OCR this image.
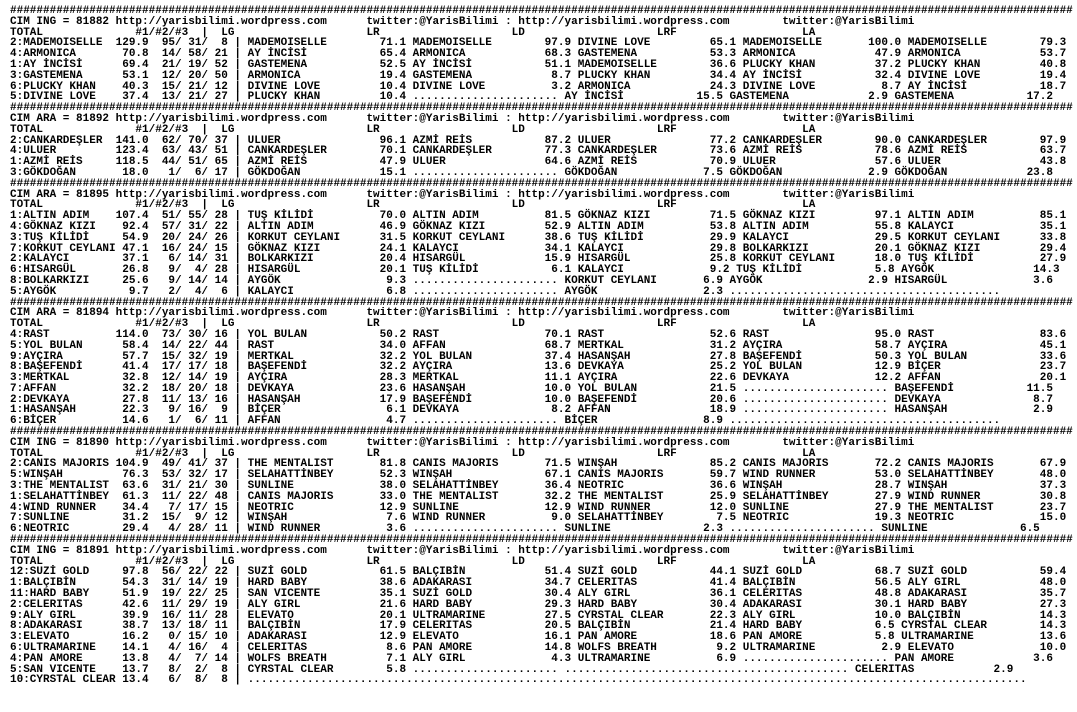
#################################################################################################################################################################
CIM ING = 81882 http://yarisbilimi.wordpress.com      twitter:@YarisBilimi : http://yarisbilimi.wordpress.com        twitter:@YarisBilimi
TOTAL              #1/#2/#3  |  LG                    LR                    LD                    LRF                   LA
2:MADEMOISELLE  129.9  95/ 31/  8 | MADEMOISELLE        71.1 MADEMOISELLE        97.9 DIVINE LOVE         65.1 MADEMOISELLE       100.0 MADEMOISELLE        79.3
4:ARMONICA       70.8  14/ 58/ 21 | AY İNCİSİ           65.4 ARMONICA            68.3 GASTEMENA           53.3 ARMONICA            47.9 ARMONICA            53.7
1:AY İNCİSİ      69.4  21/ 19/ 52 | GASTEMENA           52.5 AY İNCİSİ           51.1 MADEMOISELLE        36.6 PLUCKY KHAN         37.2 PLUCKY KHAN         40.8
3:GASTEMENA      53.1  12/ 20/ 50 | ARMONICA            19.4 GASTEMENA            8.7 PLUCKY KHAN         34.4 AY İNCİSİ           32.4 DIVINE LOVE         19.4
6:PLUCKY KHAN    40.3  15/ 21/ 12 | DIVINE LOVE         10.4 DIVINE LOVE          3.2 ARMONICA            24.3 DIVINE LOVE          8.7 AY İNCİSİ           18.7
5:DIVINE LOVE    37.4  13/ 21/ 27 | PLUCKY KHAN         10.4 ...................... AY İNCİSİ           15.5 GASTEMENA            2.9 GASTEMENA           17.2
#################################################################################################################################################################
CIM ARA = 81892 http://yarisbilimi.wordpress.com      twitter:@YarisBilimi : http://yarisbilimi.wordpress.com        twitter:@YarisBilimi
TOTAL              #1/#2/#3  |  LG                    LR                    LD                    LRF                   LA
2:CANKARDEŞLER  141.0  62/ 70/ 37 | ULUER               96.1 AZMİ REİS           87.2 ULUER               77.2 CANKARDEŞLER        90.0 CANKARDEŞLER        97.9
4:ULUER         123.4  63/ 43/ 51 | CANKARDEŞLER        70.1 CANKARDEŞLER        77.3 CANKARDEŞLER        73.6 AZMİ REİS           78.6 AZMİ REİS           63.7
1:AZMİ REİS     118.5  44/ 51/ 65 | AZMİ REİS           47.9 ULUER               64.6 AZMİ REİS           70.9 ULUER               57.6 ULUER               43.8
3:GÖKDOĞAN       18.0   1/  6/ 17 | GÖKDOĞAN            15.1 ...................... GÖKDOĞAN             7.5 GÖKDOĞAN             2.9 GÖKDOĞAN            23.8
#################################################################################################################################################################
CIM ARA = 81895 http://yarisbilimi.wordpress.com      twitter:@YarisBilimi : http://yarisbilimi.wordpress.com        twitter:@YarisBilimi
TOTAL              #1/#2/#3  |  LG                    LR                    LD                    LRF                   LA
1:ALTIN ADIM    107.4  51/ 55/ 28 | TUŞ KİLİDİ          70.0 ALTIN ADIM          81.5 GÖKNAZ KIZI         71.5 GÖKNAZ KIZI         97.1 ALTIN ADIM          85.1
4:GÖKNAZ KIZI    92.4  57/ 31/ 22 | ALTIN ADIM          46.9 GÖKNAZ KIZI         52.9 ALTIN ADIM          53.8 ALTIN ADIM          55.8 KALAYCI             35.1
3:TUŞ KİLİDİ     54.9  20/ 24/ 26 | KORKUT CEYLANI      31.5 KORKUT CEYLANI      38.6 TUŞ KİLİDİ          29.9 KALAYCI             29.5 KORKUT CEYLANI      33.8
7:KORKUT CEYLANI 47.1  16/ 24/ 15 | GÖKNAZ KIZI         24.1 KALAYCI             34.1 KALAYCI             29.8 BOLKARKIZI          20.1 GÖKNAZ KIZI         29.4
2:KALAYCI        37.1   6/ 14/ 31 | BOLKARKIZI          20.4 HISARGÜL            15.9 HISARGÜL            25.8 KORKUT CEYLANI      18.0 TUŞ KİLİDİ          27.9
6:HISARGÜL       26.8   9/  4/ 28 | HISARGÜL            20.1 TUŞ KİLİDİ           6.1 KALAYCI             9.2 TUŞ KİLİDİ           5.8 AYGÖK               14.3
8:BOLKARKIZI     25.6   9/ 14/ 14 | AYGÖK                9.3 ...................... KORKUT CEYLANI       6.9 AYGÖK                2.9 HISARGÜL             3.6
5:AYGÖK           9.7   2/  4/  6 | KALAYCI              6.8 ...................... AYGÖK                2.3 .........................................
#################################################################################################################################################################
CIM ARA = 81894 http://yarisbilimi.wordpress.com      twitter:@YarisBilimi : http://yarisbilimi.wordpress.com        twitter:@YarisBilimi
TOTAL              #1/#2/#3  |  LG                    LR                    LD                    LRF                   LA
4:RAST          114.0  73/ 30/ 16 | YOL BULAN           50.2 RAST                70.1 RAST                52.6 RAST                95.0 RAST                83.6
5:YOL BULAN      58.4  14/ 22/ 44 | RAST                34.0 AFFAN               68.7 MERTKAL             31.2 AYÇIRA              58.7 AYÇIRA              45.1
9:AYÇIRA         57.7  15/ 32/ 19 | MERTKAL             32.2 YOL BULAN           37.4 HASANŞAH            27.8 BAŞEFENDİ           50.3 YOL BULAN           33.6
8:BAŞEFENDİ      41.4  17/ 17/ 18 | BAŞEFENDİ           32.2 AYÇIRA              13.6 DEVKAYA             25.2 YOL BULAN           12.9 BİÇER               23.7
3:MERTKAL        32.8  12/ 14/ 19 | AYÇIRA              28.3 MERTKAL             11.1 AYÇIRA              22.6 DEVKAYA             12.2 AFFAN               20.1
7:AFFAN          32.2  18/ 20/ 18 | DEVKAYA             23.6 HASANŞAH            10.0 YOL BULAN           21.5 ...................... BAŞEFENDİ           11.5
2:DEVKAYA        27.8  11/ 13/ 16 | HASANŞAH            17.9 BAŞEFENDİ           10.0 BAŞEFENDİ           20.6 ...................... DEVKAYA              8.7
1:HASANŞAH       22.3   9/ 16/  9 | BİÇER                6.1 DEVKAYA              8.2 AFFAN               18.9 ...................... HASANŞAH             2.9
6:BİÇER          14.6   1/  6/ 11 | AFFAN                4.7 ...................... BİÇER                8.9 .........................................
#################################################################################################################################################################
CIM ING = 81890 http://yarisbilimi.wordpress.com      twitter:@YarisBilimi : http://yarisbilimi.wordpress.com        twitter:@YarisBilimi
TOTAL              #1/#2/#3  |  LG                    LR                    LD                    LRF                   LA
2:CANIS MAJORIS 104.9  49/ 41/ 37 | THE MENTALIST       81.8 CANIS MAJORIS       71.5 WINŞAH              85.2 CANIS MAJORIS       72.2 CANIS MAJORIS       67.9
5:WINŞAH         76.3  53/ 32/ 17 | SELAHATTİNBEY       52.3 WINŞAH              67.1 CANIS MAJORIS       59.7 WIND RUNNER         53.0 SELAHATTİNBEY       48.0
3:THE MENTALIST  63.6  31/ 21/ 30 | SUNLINE             38.0 SELAHATTİNBEY       36.4 NEOTRIC             36.6 WINŞAH              28.7 WINŞAH              37.3
1:SELAHATTİNBEY  61.3  11/ 22/ 48 | CANIS MAJORIS       33.0 THE MENTALIST       32.2 THE MENTALIST       25.9 SELAHATTİNBEY       27.9 WIND RUNNER         30.8
4:WIND RUNNER    34.4   7/ 17/ 15 | NEOTRIC             12.9 SUNLINE             12.9 WIND RUNNER         12.0 SUNLINE             27.9 THE MENTALIST       23.7
7:SUNLINE        31.2  15/  9/ 12 | WINŞAH               7.6 WIND RUNNER          9.0 SELAHATTİNBEY        7.5 NEOTRIC             19.3 NEOTRIC             15.0
6:NEOTRIC        29.4   4/ 28/ 11 | WIND RUNNER          3.6 ...................... SUNLINE              2.3 ...................... SUNLINE              6.5
#################################################################################################################################################################
CIM ING = 81891 http://yarisbilimi.wordpress.com      twitter:@YarisBilimi : http://yarisbilimi.wordpress.com        twitter:@YarisBilimi
TOTAL              #1/#2/#3  |  LG                    LR                    LD                    LRF                   LA
12:SUZİ GOLD     97.8  56/ 22/ 22 | SUZİ GOLD           61.5 BALÇIBİN            51.4 SUZİ GOLD           44.1 SUZİ GOLD           68.7 SUZİ GOLD           59.4
1:BALÇIBİN       54.3  31/ 14/ 19 | HARD BABY           38.6 ADAKARASI           34.7 CELERITAS           41.4 BALÇIBİN            56.5 ALY GIRL            48.0
11:HARD BABY     51.9  19/ 22/ 25 | SAN VICENTE         35.1 SUZİ GOLD           30.4 ALY GIRL            36.1 CELERITAS           48.8 ADAKARASI           35.7
2:CELERITAS      42.6  11/ 29/ 19 | ALY GIRL            21.6 HARD BABY           29.3 HARD BABY           30.4 ADAKARASI           30.1 HARD BABY           27.3
9:ALY GIRL       39.9  16/ 11/ 28 | ELEVATO             20.1 ULTRAMARINE         27.5 CYRSTAL CLEAR       22.3 ALY GIRL            10.0 BALÇIBİN            14.3
8:ADAKARASI      38.7  13/ 18/ 11 | BALÇIBİN            17.9 CELERITAS           20.5 BALÇIBİN            21.4 HARD BABY           6.5 CYRSTAL CLEAR        14.3
3:ELEVATO        16.2   0/ 15/ 10 | ADAKARASI           12.9 ELEVATO             16.1 PAN AMORE           18.6 PAN AMORE           5.8 ULTRAMARINE          13.6
6:ULTRAMARINE    14.1   4/ 16/  4 | CELERITAS            8.6 PAN AMORE           14.8 WOLFS BREATH         9.2 ULTRAMARINE          2.9 ELEVATO             10.0
4:PAN AMORE      13.8   4/  7/ 14 | WOLFS BREATH         7.1 ALY GIRL             4.3 ULTRAMARINE          6.9 ...................... PAN AMORE            3.6
5:SAN VICENTE    13.7   8/  2/  8 | CYRSTAL CLEAR        5.8 ...................... ........................................... CELERITAS            2.9
10:CYRSTAL CLEAR 13.4   6/  8/  8 | ......................................................................................................................
